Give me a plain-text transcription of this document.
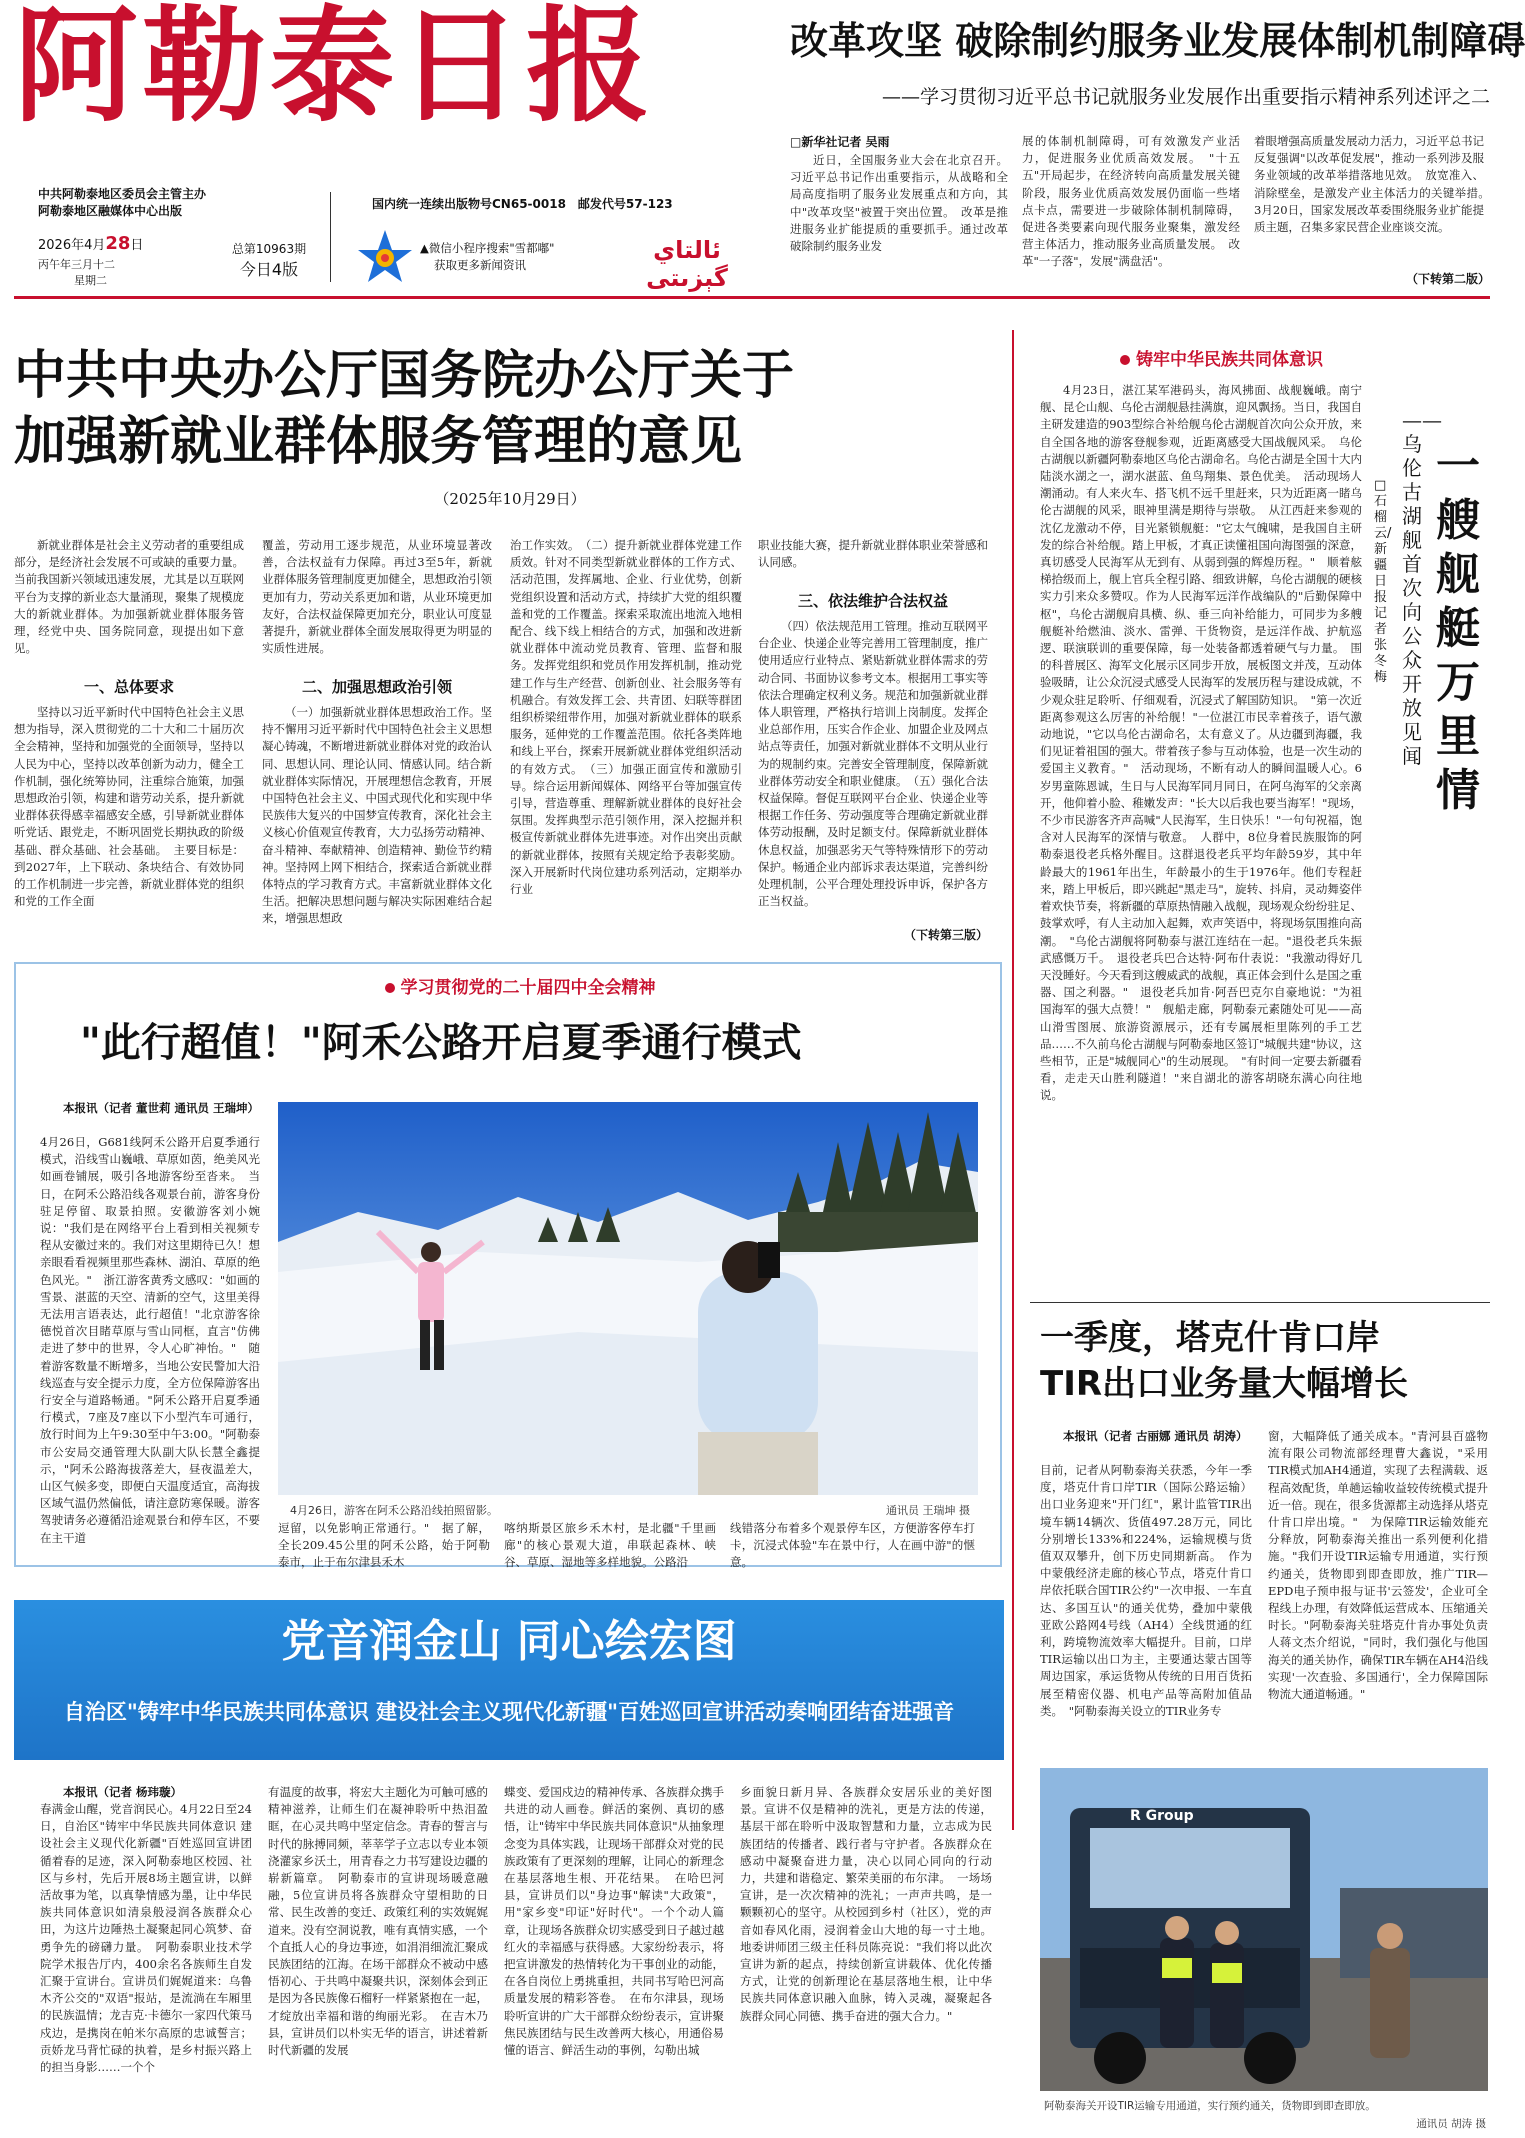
阿勒泰日报
中共阿勒泰地区委员会主管主办
阿勒泰地区融媒体中心出版
2026年4月28日
丙午年三月十二
星期二
总第10963期
今日4版
国内统一连续出版物号CN65-0018　邮发代号57-123
▲微信小程序搜索"雪都嘟"
获取更多新闻资讯
ئالتاي گېزىتى
改革攻坚 破除制约服务业发展体制机制障碍
——学习贯彻习近平总书记就服务业发展作出重要指示精神系列述评之二
□新华社记者 吴雨
近日，全国服务业大会在北京召开。习近平总书记作出重要指示，从战略和全局高度指明了服务业发展重点和方向，其中"改革攻坚"被置于突出位置。　改革是推进服务业扩能提质的重要抓手。通过改革破除制约服务业发
展的体制机制障碍，可有效激发产业活力，促进服务业优质高效发展。　"十五五"开局起步，在经济转向高质量发展关键阶段，服务业优质高效发展仍面临一些堵点卡点，需要进一步破除体制机制障碍，促进各类要素向现代服务业聚集，激发经营主体活力，推动服务业高质量发展。　改革"一子落"，发展"满盘活"。
着眼增强高质量发展动力活力，习近平总书记反复强调"以改革促发展"，推动一系列涉及服务业领域的改革举措落地见效。　放宽准入、消除壁垒，是激发产业主体活力的关键举措。　3月20日，国家发展改革委围绕服务业扩能提质主题，召集多家民营企业座谈交流。
（下转第二版）
中共中央办公厅国务院办公厅关于
加强新就业群体服务管理的意见
（2025年10月29日）
新就业群体是社会主义劳动者的重要组成部分，是经济社会发展不可或缺的重要力量。当前我国新兴领域迅速发展，尤其是以互联网平台为支撑的新业态大量涌现，聚集了规模庞大的新就业群体。为加强新就业群体服务管理，经党中央、国务院同意，现提出如下意见。
一、总体要求
坚持以习近平新时代中国特色社会主义思想为指导，深入贯彻党的二十大和二十届历次全会精神，坚持和加强党的全面领导，坚持以人民为中心，坚持以改革创新为动力，健全工作机制，强化统筹协同，注重综合施策，加强思想政治引领，构建和谐劳动关系，提升新就业群体获得感幸福感安全感，引导新就业群体听党话、跟党走，不断巩固党长期执政的阶级基础、群众基础、社会基础。　主要目标是：到2027年，上下联动、条块结合、有效协同的工作机制进一步完善，新就业群体党的组织和党的工作全面
覆盖，劳动用工逐步规范，从业环境显著改善，合法权益有力保障。再过3至5年，新就业群体服务管理制度更加健全，思想政治引领更加有力，劳动关系更加和谐，从业环境更加友好，合法权益保障更加充分，职业认可度显著提升，新就业群体全面发展取得更为明显的实质性进展。
二、加强思想政治引领
（一）加强新就业群体思想政治工作。坚持不懈用习近平新时代中国特色社会主义思想凝心铸魂，不断增进新就业群体对党的政治认同、思想认同、理论认同、情感认同。结合新就业群体实际情况，开展理想信念教育，开展中国特色社会主义、中国式现代化和实现中华民族伟大复兴的中国梦宣传教育，深化社会主义核心价值观宣传教育，大力弘扬劳动精神、奋斗精神、奉献精神、创造精神、勤俭节约精神。坚持网上网下相结合，探索适合新就业群体特点的学习教育方式。丰富新就业群体文化生活。把解决思想问题与解决实际困难结合起来，增强思想政
治工作实效。　（二）提升新就业群体党建工作质效。针对不同类型新就业群体的工作方式、活动范围，发挥属地、企业、行业优势，创新党组织设置和活动方式，持续扩大党的组织覆盖和党的工作覆盖。探索采取流出地流入地相配合、线下线上相结合的方式，加强和改进新就业群体中流动党员教育、管理、监督和服务。发挥党组织和党员作用发挥机制，推动党建工作与生产经营、创新创业、社会服务等有机融合。有效发挥工会、共青团、妇联等群团组织桥梁纽带作用，加强对新就业群体的联系服务，延伸党的工作覆盖范围。依托各类阵地和线上平台，探索开展新就业群体党组织活动的有效方式。　（三）加强正面宣传和激励引导。综合运用新闻媒体、网络平台等加强宣传引导，营造尊重、理解新就业群体的良好社会氛围。发挥典型示范引领作用，深入挖掘并积极宣传新就业群体先进事迹。对作出突出贡献的新就业群体，按照有关规定给予表彰奖励。深入开展新时代岗位建功系列活动，定期举办行业
职业技能大赛，提升新就业群体职业荣誉感和认同感。
三、依法维护合法权益
（四）依法规范用工管理。推动互联网平台企业、快递企业等完善用工管理制度，推广使用适应行业特点、紧贴新就业群体需求的劳动合同、书面协议参考文本。根据用工事实等依法合理确定权利义务。规范和加强新就业群体人职管理，严格执行培训上岗制度。发挥企业总部作用，压实合作企业、加盟企业及网点站点等责任，加强对新就业群体不文明从业行为的规制约束。完善安全管理制度，保障新就业群体劳动安全和职业健康。　（五）强化合法权益保障。督促互联网平台企业、快递企业等根据工作任务、劳动强度等合理确定新就业群体劳动报酬，及时足额支付。保障新就业群体休息权益，加强恶劣天气等特殊情形下的劳动保护。畅通企业内部诉求表达渠道，完善纠纷处理机制，公平合理处理投诉申诉，保护各方正当权益。
（下转第三版）
铸牢中华民族共同体意识
一艘舰艇万里情
——乌伦古湖舰首次向公众开放见闻
□石榴云/新疆日报记者 张冬梅
4月23日，湛江某军港码头，海风拂面、战舰巍峨。南宁舰、昆仑山舰、乌伦古湖舰悬挂满旗，迎风飘扬。当日，我国自主研发建造的903型综合补给舰乌伦古湖舰首次向公众开放，来自全国各地的游客登舰参观，近距离感受大国战舰风采。　乌伦古湖舰以新疆阿勒泰地区乌伦古湖命名。乌伦古湖是全国十大内陆淡水湖之一，湖水湛蓝、鱼鸟翔集、景色优美。　活动现场人潮涌动。有人来火车、搭飞机不远千里赶来，只为近距离一睹乌伦古湖舰的风采，眼神里满是期待与崇敬。　从江西赶来参观的沈亿龙激动不停，目光紧锁舰艇："它太气魄啸，是我国自主研发的综合补给舰。踏上甲板，才真正读懂祖国向海图强的深意，真切感受人民海军从无到有、从弱到强的辉煌历程。"　顺着舷梯拾级而上，舰上官兵全程引路、细致讲解，乌伦古湖舰的硬核实力引来众多赞叹。作为人民海军远洋作战编队的"后勤保障中枢"，乌伦古湖舰肩具横、纵、垂三向补给能力，可同步为多艘舰艇补给燃油、淡水、雷弹、干货物资，是远洋作战、护航巡逻、联演联训的重要保障，每一处装备都透着硬气与力量。　围的科普展区、海军文化展示区同步开放，展板图文并茂，互动体验吸睛，让公众沉浸式感受人民海军的发展历程与建设成就，不少观众驻足聆听、仔细观看，沉浸式了解国防知识。　"第一次近距离参观这么厉害的补给舰！"一位湛江市民幸着孩子，语气激动地说，"它以乌伦古湖命名，太有意义了。从边疆到海疆，我们见证着祖国的强大。带着孩子参与互动体验，也是一次生动的爱国主义教育。"　活动现场，不断有动人的瞬间温暖人心。6岁男童陈恩诚，生日与人民海军同月同日，在阿乌海军的父亲离开，他仰着小脸、稚嫩发声："长大以后我也要当海军！"现场，不少市民游客齐声高喊"人民海军，生日快乐！"一句句祝福，饱含对人民海军的深情与敬意。　人群中，8位身着民族服饰的阿勒泰退役老兵格外醒目。这群退役老兵平均年龄59岁，其中年龄最大的1961年出生，年龄最小的生于1976年。他们专程赶来，踏上甲板后，即兴跳起"黑走马"，旋转、抖肩，灵动舞姿伴着欢快节奏，将新疆的草原热情融入战舰，现场观众纷纷驻足、鼓掌欢呼，有人主动加入起舞，欢声笑语中，将现场氛围推向高潮。　"乌伦古湖舰将阿勒泰与湛江连结在一起。"退役老兵朱振武感慨万千。　退役老兵巴合达特·阿布什表说："我激动得好几天没睡好。今天看到这艘威武的战舰，真正体会到什么是国之重器、国之利器。"　退役老兵加肯·阿吾巴克尔自豪地说："为祖国海军的强大点赞！"　舰船走廊，阿勒泰元素随处可见——高山滑雪图展、旅游资源展示，还有专属展柜里陈列的手工艺品……不久前乌伦古湖舰与阿勒泰地区签订"城舰共建"协议，这些相节，正是"城舰同心"的生动展现。　"有时间一定要去新疆看看，走走天山胜利隧道！"来自湖北的游客胡晓东满心向往地说。
学习贯彻党的二十届四中全会精神
"此行超值！"阿禾公路开启夏季通行模式
本报讯（记者 董世莉 通讯员 王瑞坤）
4月26日，G681线阿禾公路开启夏季通行模式，沿线雪山巍峨、草原如茵，绝美风光如画卷铺展，吸引各地游客纷至沓来。　当日，在阿禾公路沿线各观景台前，游客身份驻足停留、取景拍照。安徽游客刘小婉说："我们是在网络平台上看到相关视频专程从安徽过来的。我们对这里期待已久！想亲眼看看视频里那些森林、湖泊、草原的绝色风光。"　浙江游客黄秀文感叹："如画的雪景、湛蓝的天空、清新的空气，这里美得无法用言语表达，此行超值！"北京游客徐德悦首次目睹草原与雪山同框，直言"仿佛走进了梦中的世界，令人心旷神怡。"　随着游客数量不断增多，当地公安民警加大沿线巡查与安全提示力度，全方位保障游客出行安全与道路畅通。"阿禾公路开启夏季通行模式，7座及7座以下小型汽车可通行，放行时间为上午9:30至中午3:00。"阿勒泰市公安局交通管理大队副大队长慧全鑫提示，"阿禾公路海拔落差大，昼夜温差大，山区气候多变，即便白天温度适宜，高海拔区域气温仍然偏低，请注意防寒保暖。游客驾驶请务必遵循沿途观景台和停车区，不要在主干道
4月26日，游客在阿禾公路沿线拍照留影。	通讯员 王瑞坤 摄
逗留，以免影响正常通行。"　据了解，全长209.45公里的阿禾公路，始于阿勒泰市，止于布尔津县禾木
喀纳斯景区旅乡禾木村，是北疆"千里画廊"的核心景观大道，串联起森林、峡谷、草原、湿地等多样地貌。公路沿
线错落分布着多个观景停车区，方便游客停车打卡，沉浸式体验"车在景中行，人在画中游"的惬意。
一季度，塔克什肯口岸
TIR出口业务量大幅增长
本报讯（记者 古丽娜 通讯员 胡涛）
目前，记者从阿勒泰海关获悉，今年一季度，塔克什肯口岸TIR（国际公路运输）出口业务迎来"开门红"，累计监管TIR出境车辆14辆次、货值497.28万元，同比分别增长133%和224%，运输规模与货值双双攀升，创下历史同期新高。　作为中蒙俄经济走廊的核心节点，塔克什肯口岸依托联合国TIR公约"一次申报、一车直达、多国互认"的通关优势，叠加中蒙俄亚欧公路网4号线（AH4）全线贯通的红利，跨境物流效率大幅提升。目前，口岸TIR运输以出口为主，主要通达蒙古国等周边国家，承运货物从传统的日用百货拓展至精密仪器、机电产品等高附加值品类。　"阿勒泰海关设立的TIR业务专
窗，大幅降低了通关成本。"青河县百盛物流有限公司物流部经理曹大鑫说，"采用TIR模式加AH4通道，实现了去程满载、返程高效配货，单趟运输收益较传统模式提升近一倍。现在，很多货源都主动选择从塔克什肯口岸出境。"　为保障TIR运输效能充分释放，阿勒泰海关推出一系列便利化措施。"我们开设TIR运输专用通道，实行预约通关，货物即到即查即放，推广TIR—EPD电子预申报与证书'云签发'，企业可全程线上办理，有效降低运营成本、压缩通关时长。"阿勒泰海关驻塔克什肯办事处负责人蒋文杰介绍说，"同时，我们强化与他国海关的通关协作，确保TIR车辆在AH4沿线实现'一次查验、多国通行'，全力保障国际物流大通道畅通。"
R Group
阿勒泰海关开设TIR运输专用通道，实行预约通关，货物即到即查即放。
通讯员 胡涛 摄
党音润金山 同心绘宏图
自治区"铸牢中华民族共同体意识 建设社会主义现代化新疆"百姓巡回宣讲活动奏响团结奋进强音
本报讯（记者 杨玮璇）
春满金山醒，党音润民心。4月22日至24日，自治区"铸牢中华民族共同体意识 建设社会主义现代化新疆"百姓巡回宣讲团循着春的足迹，深入阿勒泰地区校园、社区与乡村，先后开展8场主题宣讲，以鲜活故事为笔，以真挚情感为墨，让中华民族共同体意识如清泉般浸润各族群众心田，为这片边陲热土凝聚起同心筑梦、奋勇争先的磅礴力量。　阿勒泰职业技术学院学术报告厅内，400余名各族师生自发汇聚于宣讲台。宣讲员们娓娓道来：乌鲁木齐公交的"双语"报站，是流淌在车厢里的民族温情；龙吉克·卡德尔一家四代策马戍边，是携岗在帕米尔高原的忠诚誓言；贡娇龙马背忙碌的执着，是乡村振兴路上的担当身影……一个个
有温度的故事，将宏大主题化为可触可感的精神滋养，让师生们在凝神聆听中热泪盈眶，在心灵共鸣中坚定信念。青春的誓言与时代的脉搏同频，莘莘学子立志以专业本领浇灌家乡沃土，用青春之力书写建设边疆的崭新篇章。　阿勒泰市的宣讲现场暖意融融，5位宣讲员将各族群众守望相助的日常、民生改善的变迁、政策红利的实效娓娓道来。没有空洞说教，唯有真情实感，一个个直抵人心的身边事迹，如涓涓细流汇聚成民族团结的江海。在场干部群众不被动中感悟初心、于共鸣中凝聚共识，深刻体会到正是因为各民族像石榴籽一样紧紧抱在一起，才绽放出幸福和谐的绚丽光彩。　在吉木乃县，宣讲员们以朴实无华的语言，讲述着新时代新疆的发展
蝶变、爱国戍边的精神传承、各族群众携手共进的动人画卷。鲜活的案例、真切的感悟，让"铸牢中华民族共同体意识"从抽象理念变为具体实践，让现场干部群众对党的民族政策有了更深刻的理解，让同心的新理念在基层落地生根、开花结果。　在哈巴河县，宣讲员们以"身边事"解读"大政策"，用"家乡变"印证"好时代"。一个个动人篇章，让现场各族群众切实感受到日子越过越红火的幸福感与获得感。大家纷纷表示，将把宣讲激发的热情转化为干事创业的动能，在各自岗位上勇挑重担，共同书写哈巴河高质量发展的精彩答卷。　在布尔津县，现场聆听宣讲的广大干部群众纷纷表示，宣讲聚焦民族团结与民生改善两大核心，用通俗易懂的语言、鲜活生动的事例，勾勒出城
乡面貌日新月异、各族群众安居乐业的美好图景。宣讲不仅是精神的洗礼，更是方法的传递，基层干部在聆听中汲取智慧和力量，立志成为民族团结的传播者、践行者与守护者。各族群众在感动中凝聚奋进力量，决心以同心同向的行动力，共建和谐稳定、繁荣美丽的布尔津。　一场场宣讲，是一次次精神的洗礼；一声声共鸣，是一颗颗初心的坚守。从校园到乡村（社区），党的声音如春风化雨，浸润着金山大地的每一寸土地。地委讲师团三级主任科员陈亮说："我们将以此次宣讲为新的起点，持续创新宣讲载体、优化传播方式，让党的创新理论在基层落地生根，让中华民族共同体意识融入血脉，铸入灵魂，凝聚起各族群众同心同德、携手奋进的强大合力。"
